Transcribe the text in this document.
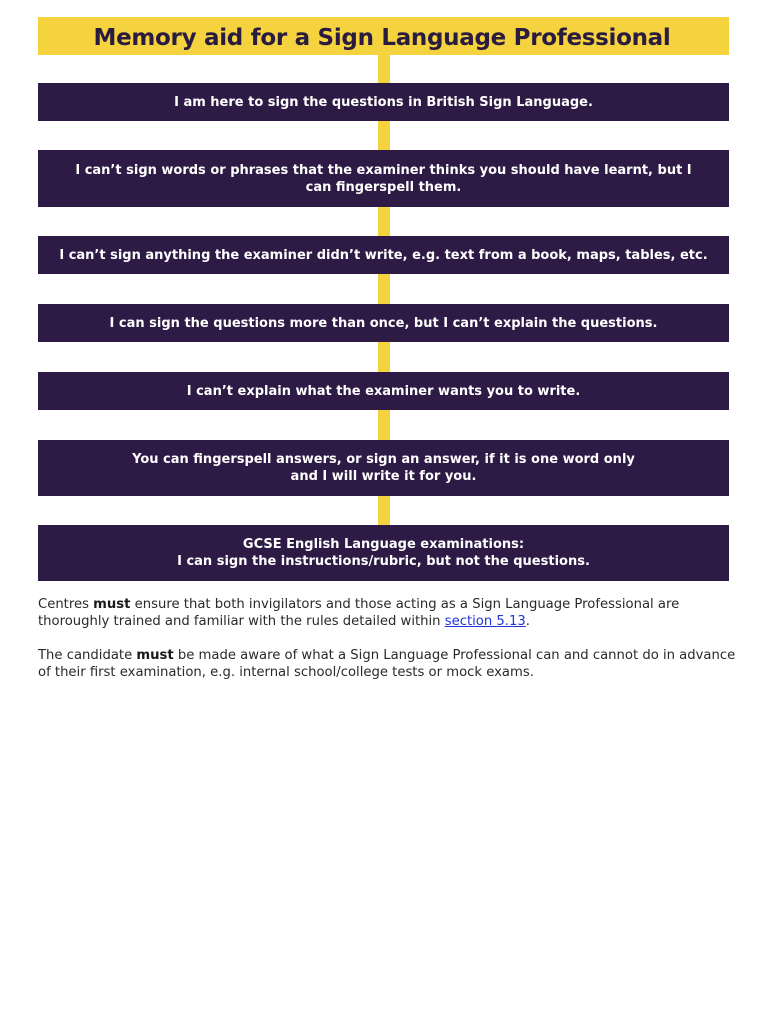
Memory aid for a Sign Language Professional
I am here to sign the questions in British Sign Language.
I can’t sign words or phrases that the examiner thinks you should have learnt, but I
can fingerspell them.
I can’t sign anything the examiner didn’t write, e.g. text from a book, maps, tables, etc.
I can sign the questions more than once, but I can’t explain the questions.
I can’t explain what the examiner wants you to write.
You can fingerspell answers, or sign an answer, if it is one word only
and I will write it for you.
GCSE English Language examinations:
I can sign the instructions/rubric, but not the questions.

Centres must ensure that both invigilators and those acting as a Sign Language Professional are thoroughly trained and familiar with the rules detailed within section 5.13.

The candidate must be made aware of what a Sign Language Professional can and cannot do in advance of their first examination, e.g. internal school/college tests or mock exams.
